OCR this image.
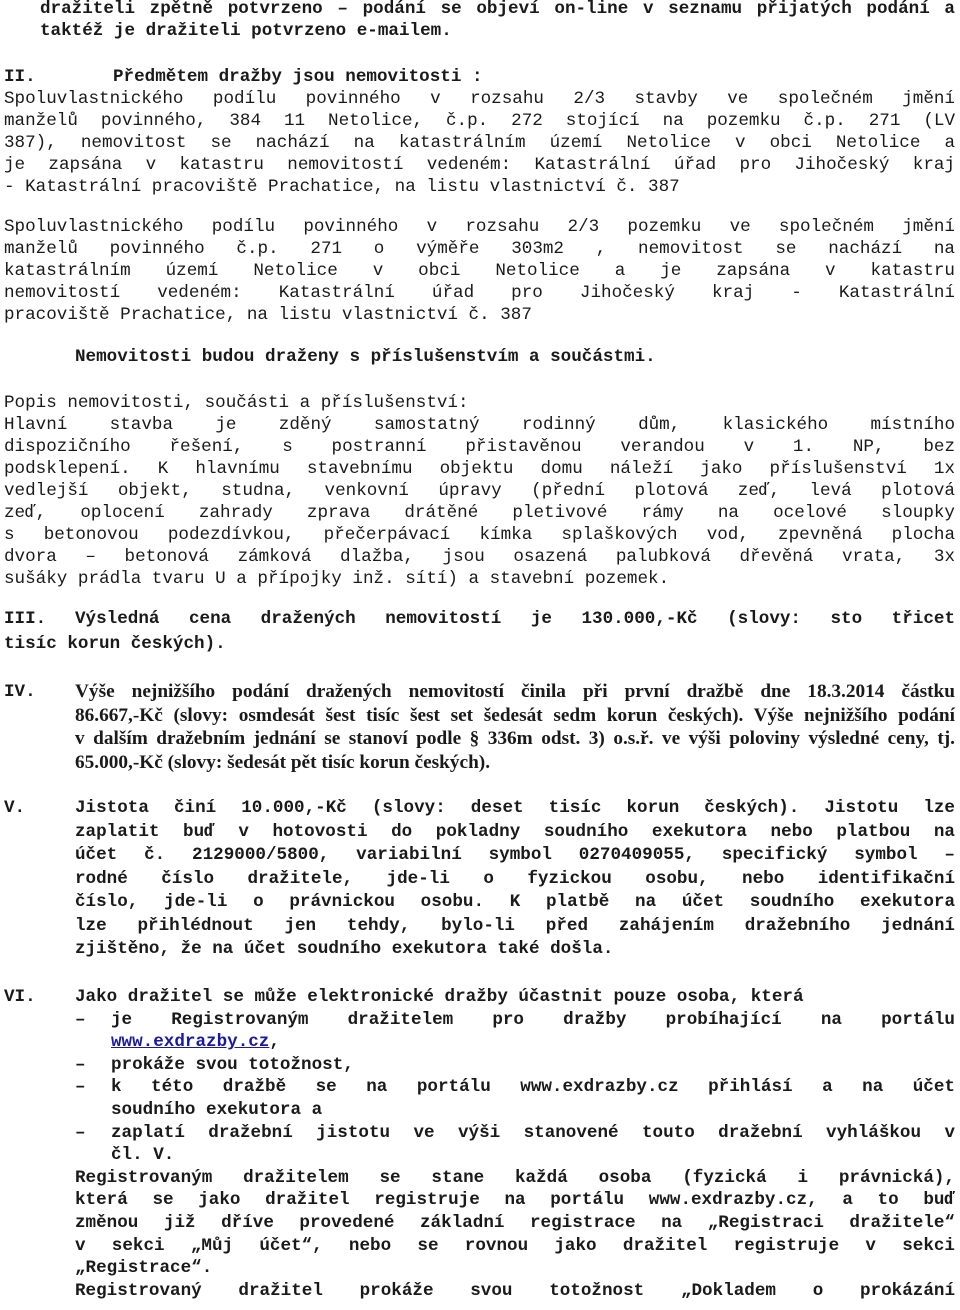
dražiteli zpětně potvrzeno – podání se objeví on-line v seznamu přijatých podání a

taktéž je dražiteli potvrzeno e-mailem.

II.	Předmětem dražby jsou nemovitosti :

Spoluvlastnického podílu povinného v rozsahu 2/3 stavby ve společném jmění

manželů povinného, 384 11 Netolice, č.p. 272 stojící na pozemku č.p. 271 (LV

387), nemovitost se nachází na katastrálním území Netolice v obci Netolice a

je zapsána v katastru nemovitostí vedeném: Katastrální úřad pro Jihočeský kraj

- Katastrální pracoviště Prachatice, na listu vlastnictví č. 387

Spoluvlastnického podílu povinného v rozsahu 2/3 pozemku ve společném jmění

manželů povinného č.p. 271 o výměře 303m2 , nemovitost se nachází na

katastrálním území Netolice v obci Netolice a je zapsána v katastru

nemovitostí vedeném: Katastrální úřad pro Jihočeský kraj - Katastrální

pracoviště Prachatice, na listu vlastnictví č. 387

Nemovitosti budou draženy s příslušenstvím a součástmi.

Popis nemovitosti, součásti a příslušenství:

Hlavní stavba je zděný samostatný rodinný dům, klasického místního

dispozičního řešení, s postranní přistavěnou verandou v 1. NP, bez

podsklepení. K hlavnímu stavebnímu objektu domu náleží jako příslušenství 1x

vedlejší objekt, studna, venkovní úpravy (přední plotová zeď, levá plotová

zeď, oplocení zahrady zprava drátěné pletivové rámy na ocelové sloupky

s betonovou podezdívkou, přečerpávací kímka splaškových vod, zpevněná plocha

dvora – betonová zámková dlažba, jsou osazená palubková dřevěná vrata, 3x

sušáky prádla tvaru U a přípojky inž. sítí) a stavební pozemek.

III.	Výsledná cena dražených nemovitostí je 130.000,-Kč (slovy: sto třicet

tisíc korun českých).

IV.	Výše nejnižšího podání dražených nemovitostí činila při první dražbě dne 18.3.2014 částku

86.667,-Kč (slovy: osmdesát šest tisíc šest set šedesát sedm korun českých). Výše nejnižšího podání

v dalším dražebním jednání se stanoví podle § 336m odst. 3) o.s.ř. ve výši poloviny výsledné ceny, tj.

65.000,-Kč (slovy: šedesát pět tisíc korun českých).

V.	Jistota činí 10.000,-Kč (slovy: deset tisíc korun českých). Jistotu lze

zaplatit buď v hotovosti do pokladny soudního exekutora nebo platbou na

účet č. 2129000/5800, variabilní symbol 0270409055, specifický symbol –

rodné číslo dražitele, jde-li o fyzickou osobu, nebo identifikační

číslo, jde-li o právnickou osobu. K platbě na účet soudního exekutora

lze přihlédnout jen tehdy, bylo-li před zahájením dražebního jednání

zjištěno, že na účet soudního exekutora také došla.

VI.	Jako dražitel se může elektronické dražby účastnit pouze osoba, která

–	je Registrovaným dražitelem pro dražby probíhající na portálu

www.exdrazby.cz,

–	prokáže svou totožnost,

–	k této dražbě se na portálu www.exdrazby.cz přihlásí a na účet

soudního exekutora a

–	zaplatí dražební jistotu ve výši stanovené touto dražební vyhláškou v

čl. V.

Registrovaným dražitelem se stane každá osoba (fyzická i právnická),

která se jako dražitel registruje na portálu www.exdrazby.cz, a to buď

změnou již dříve provedené základní registrace na „Registraci dražitele“

v sekci „Můj účet“, nebo se rovnou jako dražitel registruje v sekci

„Registrace“.

Registrovaný dražitel prokáže svou totožnost „Dokladem o prokázání
